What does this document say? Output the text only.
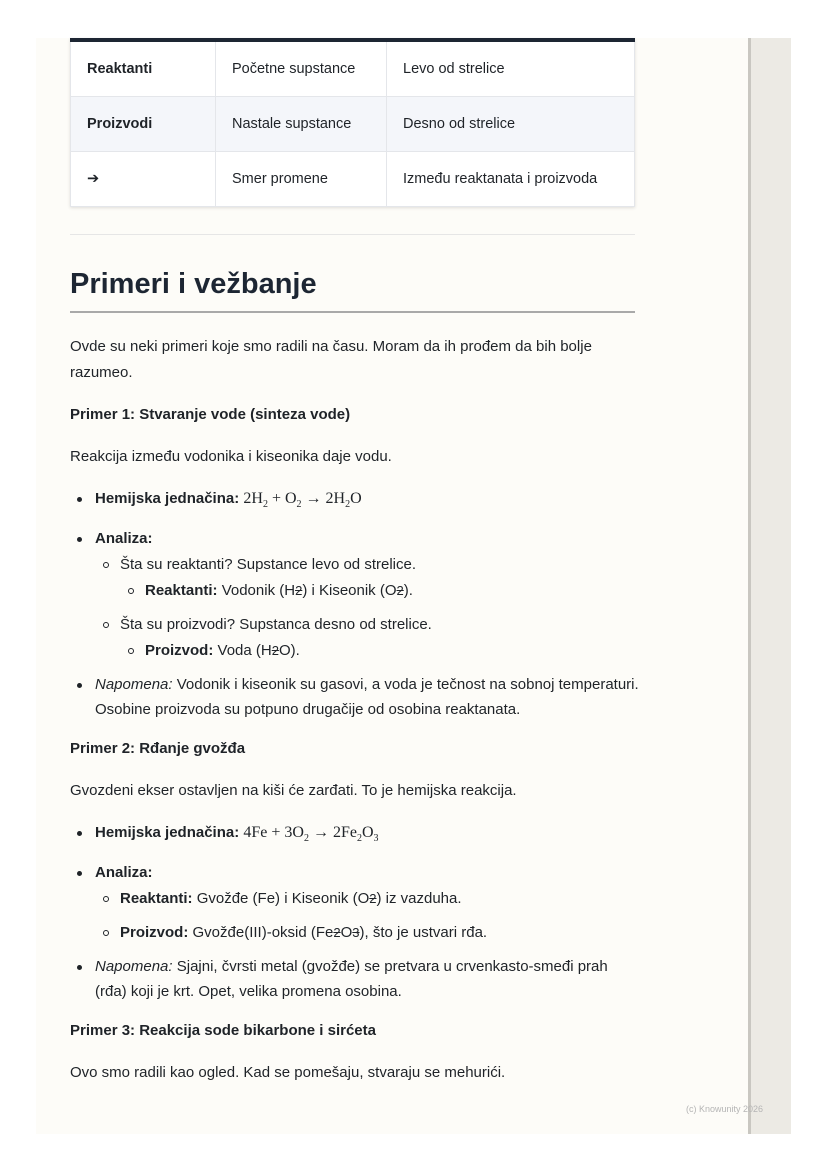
Reaktanti	Početne supstance	Levo od strelice
Proizvodi	Nastale supstance	Desno od strelice
➔	Smer promene	Između reaktanata i proizvoda
Primeri i vežbanje

Ovde su neki primeri koje smo radili na času. Moram da ih prođem da bih bolje razumeo.

Primer 1: Stvaranje vode (sinteza vode)

Reakcija između vodonika i kiseonika daje vodu.

Hemijska jednačina: $2H_2 + O_2 \to 2H_2O$
Analiza:
Šta su reaktanti? Supstance levo od strelice.
Reaktanti: Vodonik (H2) i Kiseonik (O2).
Šta su proizvodi? Supstanca desno od strelice.
Proizvod: Voda (H2O).
Napomena: Vodonik i kiseonik su gasovi, a voda je tečnost na sobnoj temperaturi. Osobine proizvoda su potpuno drugačije od osobina reaktanata.

Primer 2: Rđanje gvožđa

Gvozdeni ekser ostavljen na kiši će zarđati. To je hemijska reakcija.

Hemijska jednačina: $4Fe + 3O_2 \to 2Fe_2O_3$
Analiza:
Reaktanti: Gvožđe (Fe) i Kiseonik (O2) iz vazduha.
Proizvod: Gvožđe(III)-oksid (Fe2O3), što je ustvari rđa.
Napomena: Sjajni, čvrsti metal (gvožđe) se pretvara u crvenkasto-smeđi prah (rđa) koji je krt. Opet, velika promena osobina.

Primer 3: Reakcija sode bikarbone i sirćeta

Ovo smo radili kao ogled. Kad se pomešaju, stvaraju se mehurići.

(c) Knowunity 2026
